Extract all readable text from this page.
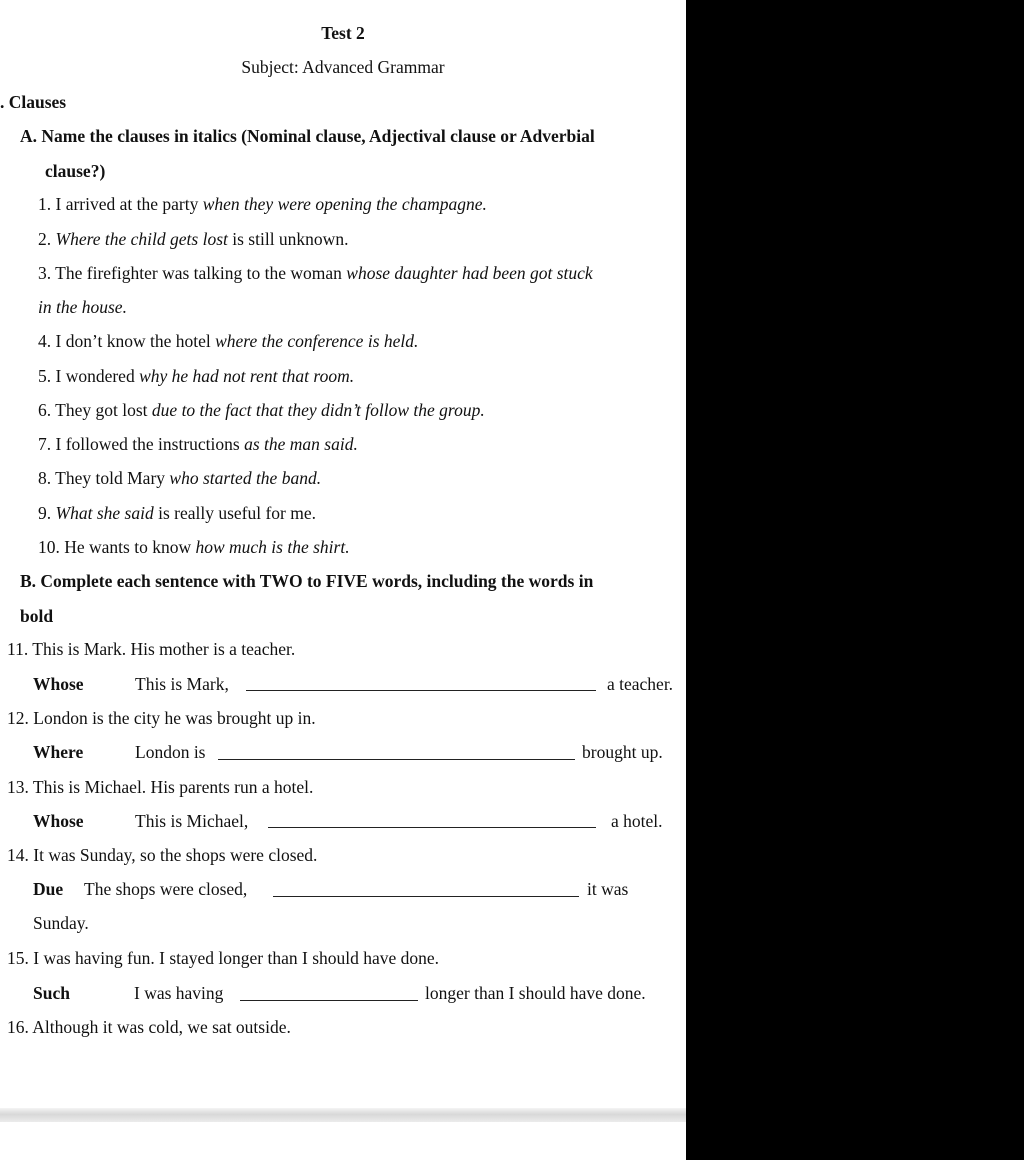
Test 2
Subject: Advanced Grammar
. Clauses
A. Name the clauses in italics (Nominal clause, Adjectival clause or Adverbial
clause?)
1. I arrived at the party when they were opening the champagne.
2. Where the child gets lost is still unknown.
3. The firefighter was talking to the woman whose daughter had been got stuck
in the house.
4. I don’t know the hotel where the conference is held.
5. I wondered why he had not rent that room.
6. They got lost due to the fact that they didn’t follow the group.
7. I followed the instructions as the man said.
8. They told Mary who started the band.
9. What she said is really useful for me.
10. He wants to know how much is the shirt.
B. Complete each sentence with TWO to FIVE words, including the words in
bold
11. This is Mark. His mother is a teacher.
Whose	This is Mark,	a teacher.
12. London is the city he was brought up in.
Where	London is	brought up.
13. This is Michael. His parents run a hotel.
Whose	This is Michael,	a hotel.
14. It was Sunday, so the shops were closed.
Due The shops were closed,	it was
Sunday.
15. I was having fun. I stayed longer than I should have done.
Such	I was having	longer than I should have done.
16. Although it was cold, we sat outside.
